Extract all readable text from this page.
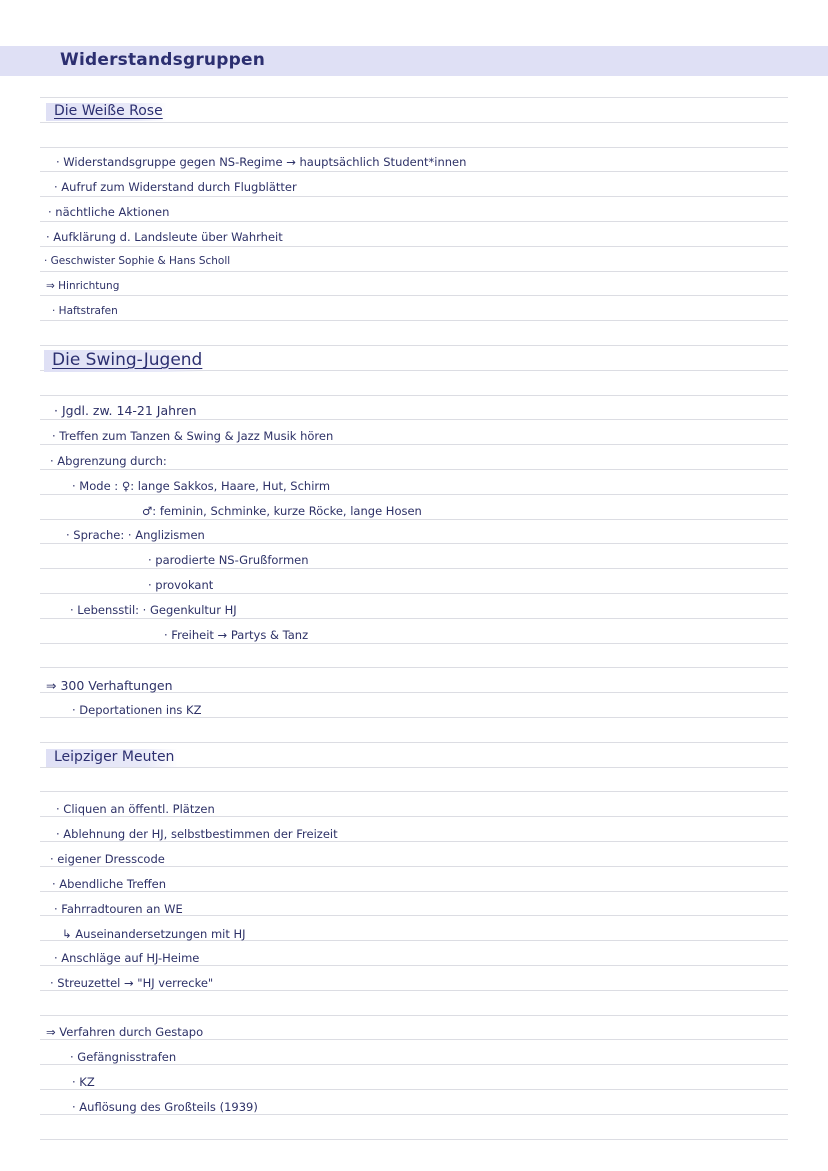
Widerstandsgruppen
Die Weiße Rose
· Widerstandsgruppe gegen NS-Regime → hauptsächlich Student*innen
· Aufruf zum Widerstand durch Flugblätter
· nächtliche Aktionen
· Aufklärung d. Landsleute über Wahrheit
· Geschwister Sophie & Hans Scholl
⇒ Hinrichtung
· Haftstrafen
Die Swing-Jugend
· Jgdl. zw. 14-21 Jahren
· Treffen zum Tanzen & Swing & Jazz Musik hören
· Abgrenzung durch:
· Mode : ♀: lange Sakkos, Haare, Hut, Schirm
♂: feminin, Schminke, kurze Röcke, lange Hosen
· Sprache: · Anglizismen
· parodierte NS-Grußformen
· provokant
· Lebensstil: · Gegenkultur HJ
· Freiheit → Partys & Tanz
⇒ 300 Verhaftungen
· Deportationen ins KZ
Leipziger Meuten
· Cliquen an öffentl. Plätzen
· Ablehnung der HJ, selbstbestimmen der Freizeit
· eigener Dresscode
· Abendliche Treffen
· Fahrradtouren an WE
↳ Auseinandersetzungen mit HJ
· Anschläge auf HJ-Heime
· Streuzettel → "HJ verrecke"
⇒ Verfahren durch Gestapo
· Gefängnisstrafen
· KZ
· Auflösung des Großteils (1939)
